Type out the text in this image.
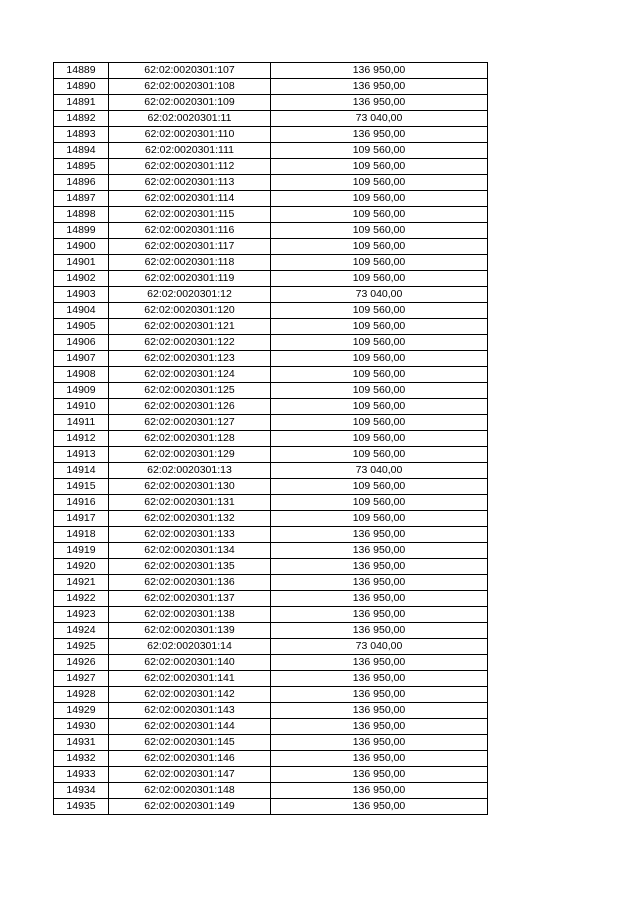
14889	62:02:0020301:107	136 950,00
14890	62:02:0020301:108	136 950,00
14891	62:02:0020301:109	136 950,00
14892	62:02:0020301:11	73 040,00
14893	62:02:0020301:110	136 950,00
14894	62:02:0020301:111	109 560,00
14895	62:02:0020301:112	109 560,00
14896	62:02:0020301:113	109 560,00
14897	62:02:0020301:114	109 560,00
14898	62:02:0020301:115	109 560,00
14899	62:02:0020301:116	109 560,00
14900	62:02:0020301:117	109 560,00
14901	62:02:0020301:118	109 560,00
14902	62:02:0020301:119	109 560,00
14903	62:02:0020301:12	73 040,00
14904	62:02:0020301:120	109 560,00
14905	62:02:0020301:121	109 560,00
14906	62:02:0020301:122	109 560,00
14907	62:02:0020301:123	109 560,00
14908	62:02:0020301:124	109 560,00
14909	62:02:0020301:125	109 560,00
14910	62:02:0020301:126	109 560,00
14911	62:02:0020301:127	109 560,00
14912	62:02:0020301:128	109 560,00
14913	62:02:0020301:129	109 560,00
14914	62:02:0020301:13	73 040,00
14915	62:02:0020301:130	109 560,00
14916	62:02:0020301:131	109 560,00
14917	62:02:0020301:132	109 560,00
14918	62:02:0020301:133	136 950,00
14919	62:02:0020301:134	136 950,00
14920	62:02:0020301:135	136 950,00
14921	62:02:0020301:136	136 950,00
14922	62:02:0020301:137	136 950,00
14923	62:02:0020301:138	136 950,00
14924	62:02:0020301:139	136 950,00
14925	62:02:0020301:14	73 040,00
14926	62:02:0020301:140	136 950,00
14927	62:02:0020301:141	136 950,00
14928	62:02:0020301:142	136 950,00
14929	62:02:0020301:143	136 950,00
14930	62:02:0020301:144	136 950,00
14931	62:02:0020301:145	136 950,00
14932	62:02:0020301:146	136 950,00
14933	62:02:0020301:147	136 950,00
14934	62:02:0020301:148	136 950,00
14935	62:02:0020301:149	136 950,00
